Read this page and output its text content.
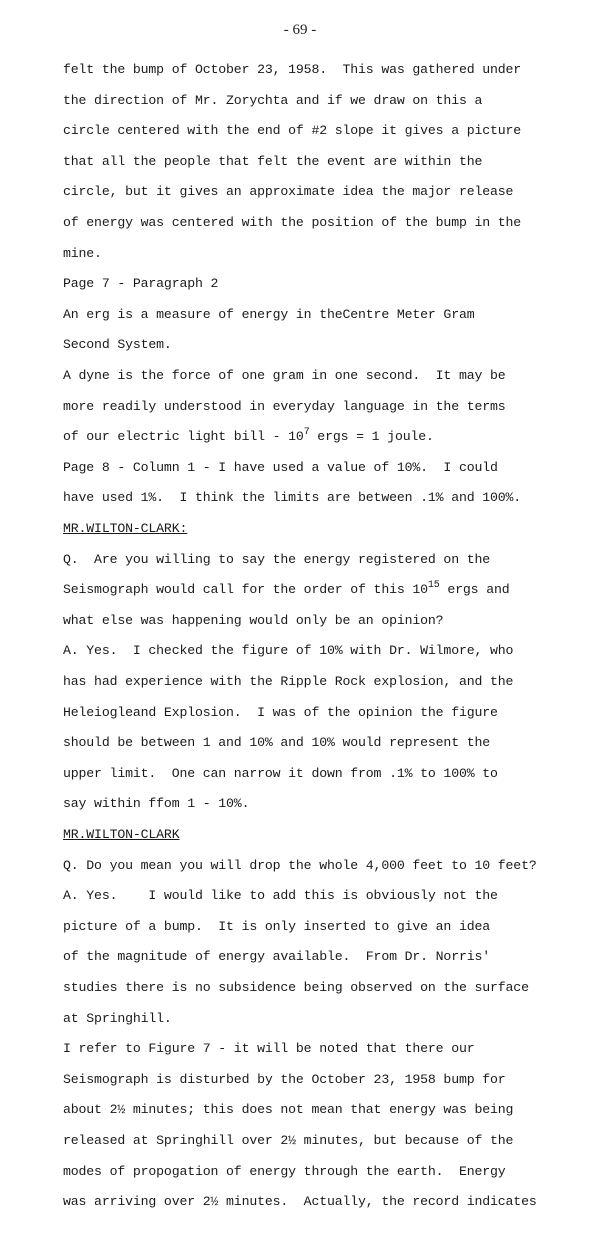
- 69 -
felt the bump of October 23, 1958.  This was gathered under
the direction of Mr. Zorychta and if we draw on this a
circle centered with the end of #2 slope it gives a picture
that all the people that felt the event are within the
circle, but it gives an approximate idea the major release
of energy was centered with the position of the bump in the
mine.
Page 7 - Paragraph 2
An erg is a measure of energy in theCentre Meter Gram
Second System.
A dyne is the force of one gram in one second.  It may be
more readily understood in everyday language in the terms
of our electric light bill - $10^7$ ergs = 1 joule.
Page 8 - Column 1 - I have used a value of 10%.  I could
have used 1%.  I think the limits are between .1% and 100%.
MR.WILTON-CLARK:
Q.  Are you willing to say the energy registered on the
Seismograph would call for the order of this $10^{15}$ ergs and
what else was happening would only be an opinion?
A. Yes.  I checked the figure of 10% with Dr. Wilmore, who
has had experience with the Ripple Rock explosion, and the
Heleiogleand Explosion.  I was of the opinion the figure
should be between 1 and 10% and 10% would represent the
upper limit.  One can narrow it down from .1% to 100% to
say within ffom 1 - 10%.
MR.WILTON-CLARK
Q. Do you mean you will drop the whole 4,000 feet to 10 feet?
A. Yes.    I would like to add this is obviously not the
picture of a bump.  It is only inserted to give an idea
of the magnitude of energy available.  From Dr. Norris'
studies there is no subsidence being observed on the surface
at Springhill.
I refer to Figure 7 - it will be noted that there our
Seismograph is disturbed by the October 23, 1958 bump for
about 2½ minutes; this does not mean that energy was being
released at Springhill over 2½ minutes, but because of the
modes of propogation of energy through the earth.  Energy
was arriving over 2½ minutes.  Actually, the record indicates
